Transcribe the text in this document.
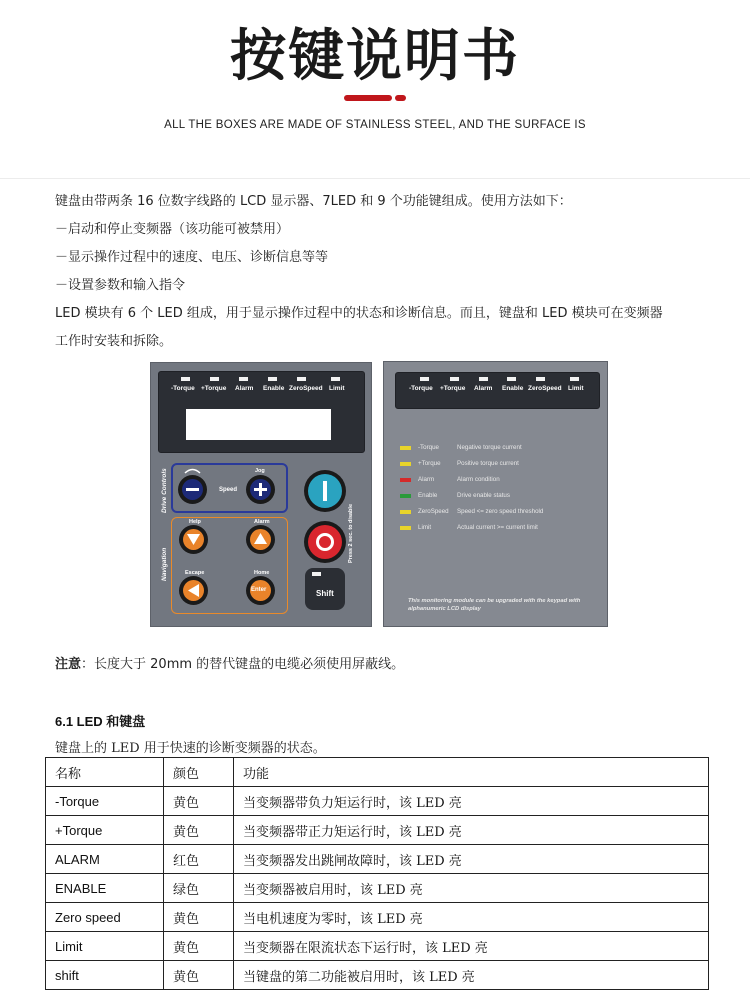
按键说明书
ALL THE BOXES ARE MADE OF STAINLESS STEEL, AND THE SURFACE IS
键盘由带两条 16 位数字线路的 LCD 显示器、7LED 和 9 个功能键组成。使用方法如下：
－启动和停止变频器（该功能可被禁用）
－显示操作过程中的速度、电压、诊断信息等等
－设置参数和输入指令
LED 模块有 6 个 LED 组成，用于显示操作过程中的状态和诊断信息。而且，键盘和 LED 模块可在变频器
工作时安装和拆除。
-Torque +Torque Alarm Enable ZeroSpeed Limit
Drive Controls
Navigation
Speed
Jog
Help	Alarm
Escape	Home
Enter
Press 2 sec. to disable
Shift
-Torque +Torque Alarm Enable ZeroSpeed Limit
-Torque	Negative torque current
+Torque	Positive torque current
Alarm	Alarm condition
Enable	Drive enable status
ZeroSpeed Speed <= zero speed threshold
Limit	Actual current >= current limit
This monitoring module can be upgraded with the keypad with
alphanumeric LCD display
注意：长度大于 20mm 的替代键盘的电缆必须使用屏蔽线。
6.1 LED 和键盘
键盘上的 LED 用于快速的诊断变频器的状态。
名称	颜色	功能
-Torque	黄色	当变频器带负力矩运行时，该 LED 亮
+Torque	黄色	当变频器带正力矩运行时，该 LED 亮
ALARM	红色	当变频器发出跳闸故障时，该 LED 亮
ENABLE	绿色	当变频器被启用时，该 LED 亮
Zero speed	黄色	当电机速度为零时，该 LED 亮
Limit	黄色	当变频器在限流状态下运行时，该 LED 亮
shift	黄色	当键盘的第二功能被启用时，该 LED 亮
